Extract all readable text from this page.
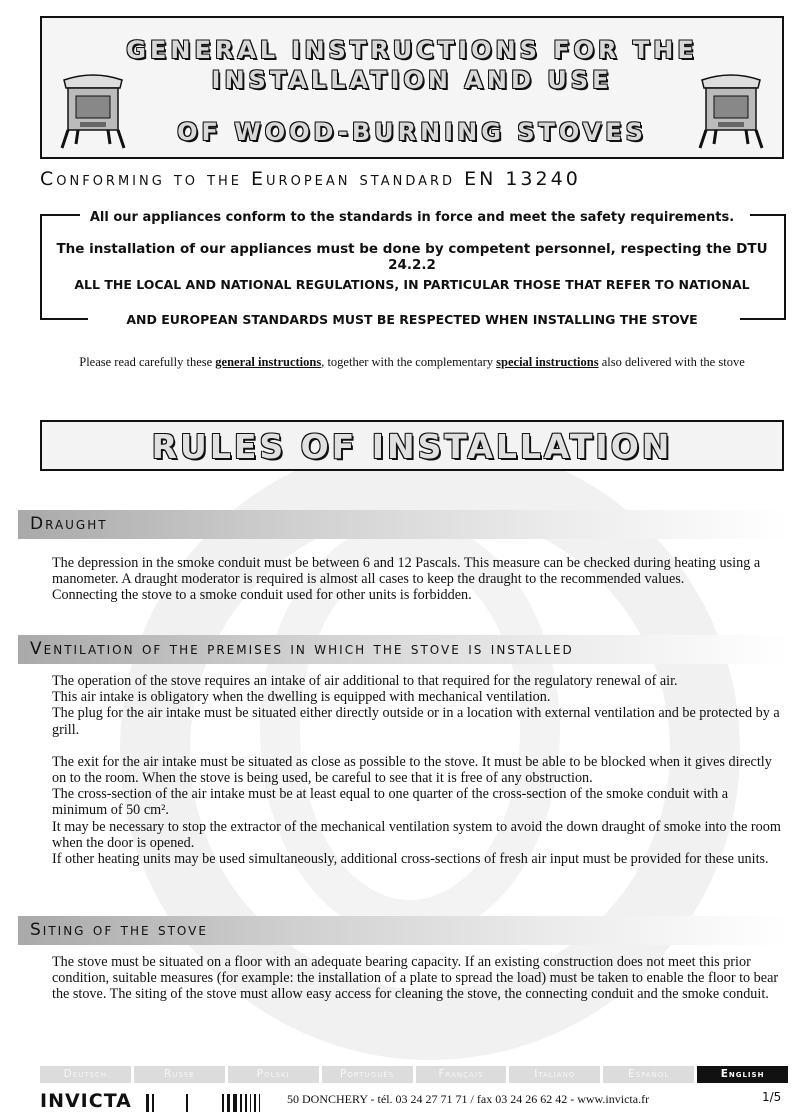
GENERAL INSTRUCTIONS FOR THE
INSTALLATION AND USE
OF WOOD-BURNING STOVES
Conforming to the European standard EN 13240
All our appliances conform to the standards in force and meet the safety requirements.
The installation of our appliances must be done by competent personnel, respecting the DTU 24.2.2
ALL THE LOCAL AND NATIONAL REGULATIONS, IN PARTICULAR THOSE THAT REFER TO NATIONAL
AND EUROPEAN STANDARDS MUST BE RESPECTED WHEN INSTALLING THE STOVE
Please read carefully these general instructions, together with the complementary special instructions also delivered with the stove
RULES OF INSTALLATION
Draught

The depression in the smoke conduit must be between 6 and 12 Pascals. This measure can be checked during heating using a manometer. A draught moderator is required is almost all cases to keep the draught to the recommended values.

Connecting the stove to a smoke conduit used for other units is forbidden.

Ventilation of the premises in which the stove is installed

The operation of the stove requires an intake of air additional to that required for the regulatory renewal of air.

This air intake is obligatory when the dwelling is equipped with mechanical ventilation.

The plug for the air intake must be situated either directly outside or in a location with external ventilation and be protected by a grill.

The exit for the air intake must be situated as close as possible to the stove. It must be able to be blocked when it gives directly on to the room. When the stove is being used, be careful to see that it is free of any obstruction.

The cross-section of the air intake must be at least equal to one quarter of the cross-section of the smoke conduit with a minimum of 50 cm².

It may be necessary to stop the extractor of the mechanical ventilation system to avoid the down draught of smoke into the room when the door is opened.

If other heating units may be used simultaneously, additional cross-sections of fresh air input must be provided for these units.

Siting of the stove

The stove must be situated on a floor with an adequate bearing capacity. If an existing construction does not meet this prior condition, suitable measures (for example: the installation of a plate to spread the load) must be taken to enable the floor to bear the stove. The siting of the stove must allow easy access for cleaning the stove, the connecting conduit and the smoke conduit.

Deutsch	Russe	Polski	Português	Français	Italiano	Español	English
INVICTA	50 DONCHERY - tél. 03 24 27 71 71 / fax 03 24 26 62 42 - www.invicta.fr	1/5
